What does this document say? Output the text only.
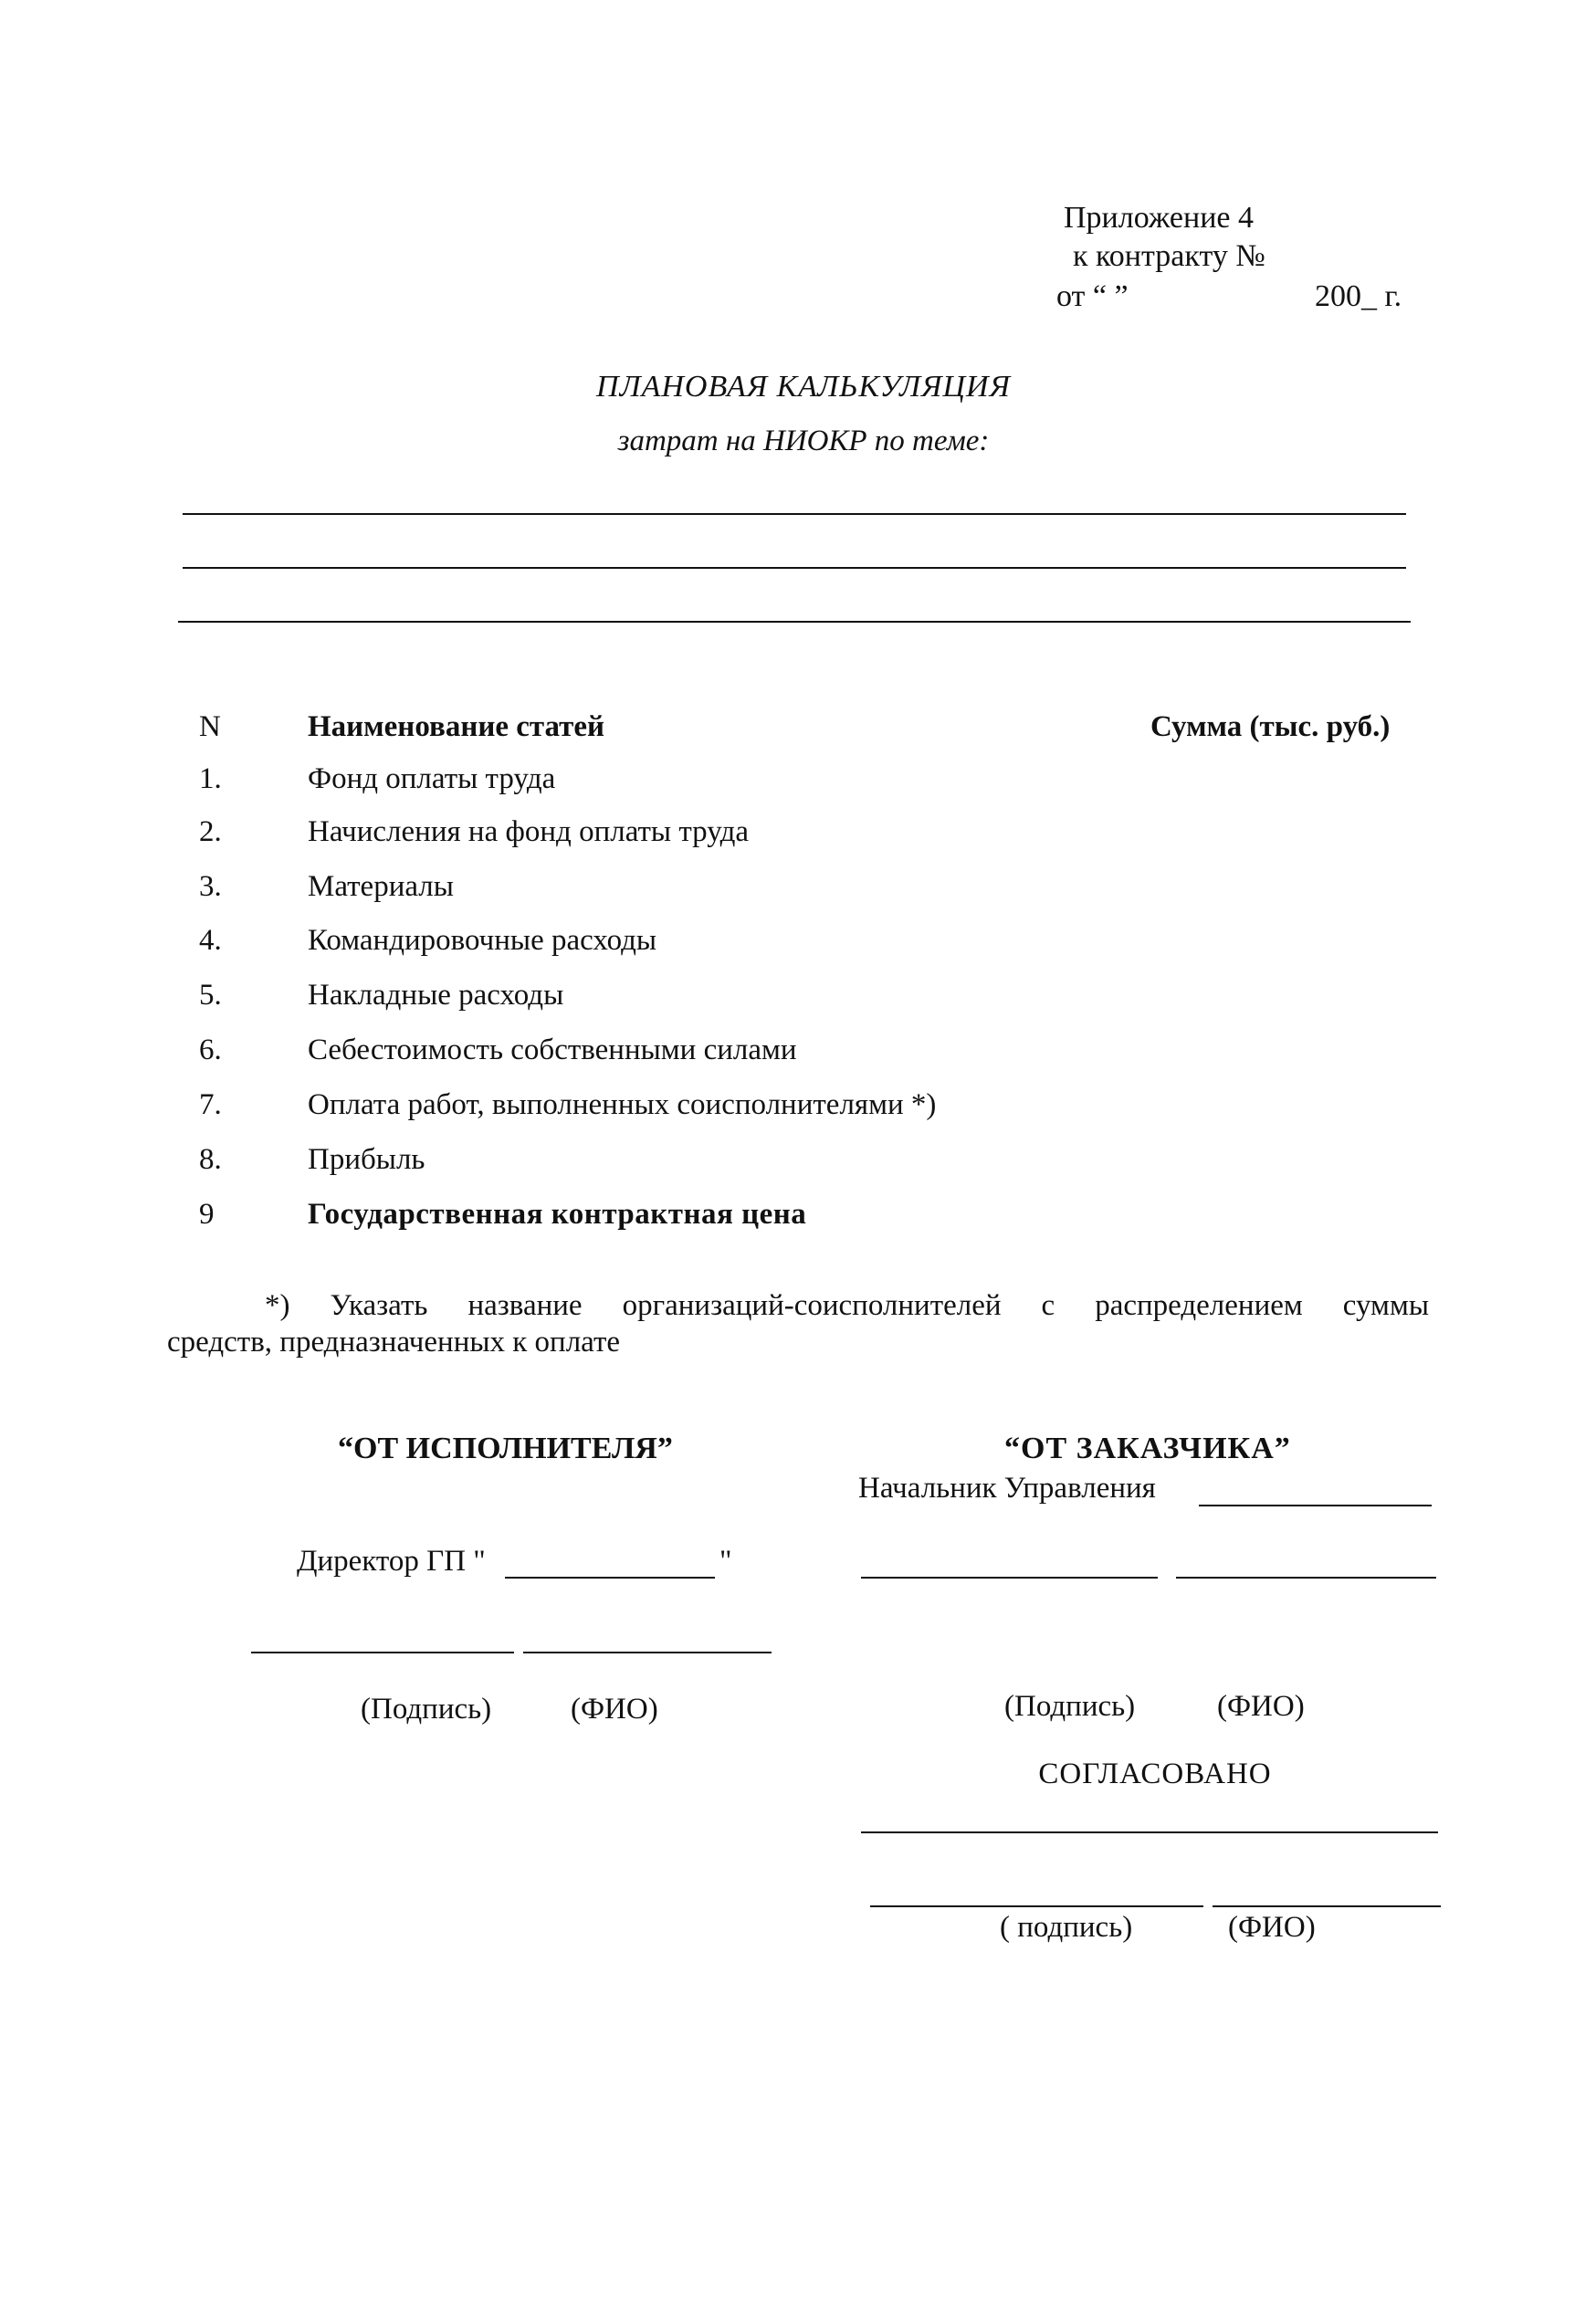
Приложение 4
к контракту №
от “ ”	200_ г.
ПЛАНОВАЯ КАЛЬКУЛЯЦИЯ
затрат на НИОКР по теме:
N	Наименование статей	Сумма (тыс. руб.)
1.	Фонд оплаты труда
2.	Начисления на фонд оплаты труда
3.	Материалы
4.	Командировочные расходы
5.	Накладные расходы
6.	Себестоимость собственными силами
7.	Оплата работ, выполненных соисполнителями *)
8.	Прибыль
9	Государственная контрактная цена
*) Указать название организаций-соисполнителей с распределением суммы
средств, предназначенных к оплате
“ОТ ИСПОЛНИТЕЛЯ”
Директор ГП "	"
(Подпись)	(ФИО)
“ОТ ЗАКАЗЧИКА”
Начальник Управления
(Подпись)	(ФИО)
СОГЛАСОВАНО
( подпись)	(ФИО)
